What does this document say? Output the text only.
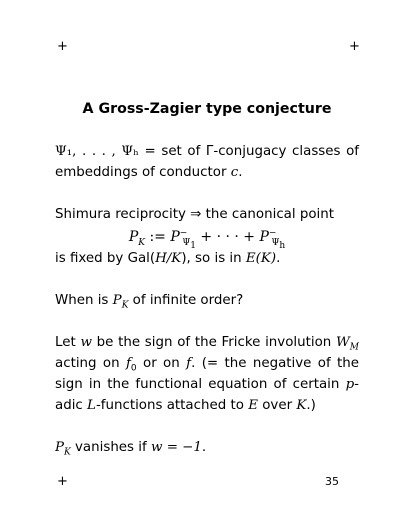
+	+
+	35
A Gross-Zagier type conjecture

Ψ₁, . . . , Ψₕ = set of Γ-conjugacy classes of embeddings of conductor c.

Shimura reciprocity ⇒ the canonical point

$P_K$ := $P^-_{\Psi_1}$ + · · · + $P^-_{\Psi_h}$

is fixed by Gal(H/K), so is in E(K).

When is $P_K$ of infinite order?

Let w be the sign of the Fricke involution $W_M$ acting on $f_0$ or on f. (= the negative of the sign in the functional equation of certain p-adic L-functions attached to E over K.)

$P_K$ vanishes if w = −1.
